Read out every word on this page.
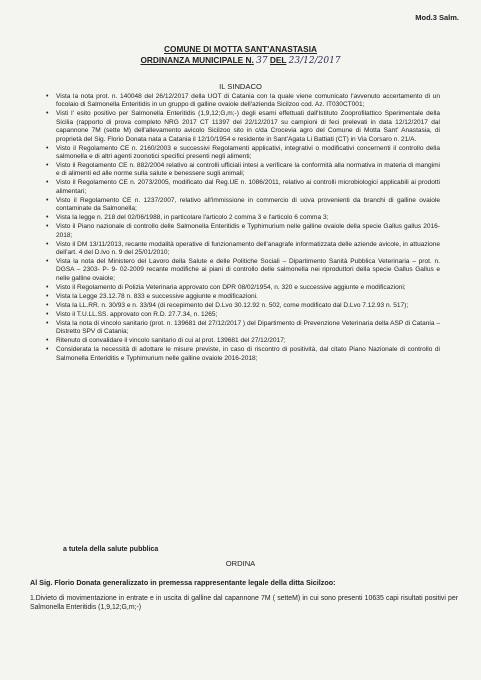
Mod.3 Salm.
COMUNE DI MOTTA SANT'ANASTASIA
ORDINANZA MUNICIPALE N. 37 DEL 23/12/2017
IL SINDACO
• Vista la nota prot. n. 140048 del 26/12/2017 della UOT di Catania con la quale viene comunicato l'avvenuto accertamento di un focolaio di Salmonella Enteritidis in un gruppo di galline ovaiole dell'azienda Sicilzoo cod. Az. IT030CT001;
• Visti l' esito positivo per Salmonella Enteritidis (1,9,12;G,m;-) degli esami effettuati dall'Istituto Zooprofilattico Sperimentale della Sicilia (rapporto di prova completo NRG 2017 CT 11397 del 22/12/2017 su campioni di feci prelevati in data 12/12/2017 dal capannone 7M (sette M) dell'allevamento avicolo Sicilzoo sito in c/da Crocevia agro del Comune di Motta Sant' Anastasia, di proprietà del Sig. Florio Donata nata a Catania il 12/10/1954 e residente in Sant'Agata Li Battiati (CT) in Via Corsaro n. 21/A.
• Visto il Regolamento CE n. 2160/2003 e successivi Regolamenti applicativi, integrativi o modificativi concernenti il controllo della salmonella e di altri agenti zoonotici specifici presenti negli alimenti;
• Visto il Regolamento CE n. 882/2004 relativo ai controlli ufficiali intesi a verificare la conformità alla normativa in materia di mangimi e di alimenti ed alle norme sulla salute e benessere sugli animali;
• Visto il Regolamento CE n. 2073/2005, modificato dal Reg.UE n. 1086/2011, relativo ai controlli microbiologici applicabili ai prodotti alimentari;
• Visto il Regolamento CE n. 1237/2007, relativo all'immissione in commercio di uova provenienti da branchi di galline ovaiole contaminate da Salmonella;
• Vista la legge n. 218 del 02/06/1988, in particolare l'articolo 2 comma 3 e l'articolo 6 comma 3;
• Visto il Piano nazionale di controllo delle Salmonella Enteritidis e Typhimurium nelle galline ovaiole della specie Gallus gallus 2016-2018;
• Visto il DM 13/11/2013, recante modalità operative di funzionamento dell'anagrafe informatizzata delle aziende avicole, in attuazione dell'art. 4 del D.lvo n. 9 del 25/01/2010;
• Vista la nota del Ministero del Lavoro della Salute e delle Politiche Sociali – Dipartimento Sanità Pubblica Veterinaria – prot. n. DGSA – 2303- P- 9- 02-2009 recante modifiche ai piani di controllo delle salmonella nei riproduttori della specie Gallus Gallus e nelle galline ovaiole;
• Visto il Regolamento di Polizia Veterinaria approvato con DPR 08/02/1954, n. 320 e successive aggiunte e modificazioni;
• Vista la Legge 23.12.78 n. 833 e successive aggiunte e modificazioni.
• Vista la LL.RR. n. 30/93 e n. 33/94 (di recepimento del D.Lvo 30.12.92 n. 502, come modificato dal D.Lvo 7.12.93 n. 517);
• Visto il T.U.LL.SS. approvato con R.D. 27.7.34, n. 1265;
• Vista la nota di vincolo sanitario (prot. n. 139681 del 27/12/2017 ) del Dipartimento di Prevenzione Veterinaria della ASP di Catania – Distretto SPV di Catania;
• Ritenuto di convalidare il vincolo sanitario di cui al prot. 139681 del 27/12/2017;
• Considerata la necessità di adottare le misure previste, in caso di riscontro di positività, dal citato Piano Nazionale di controllo di Salmonella Enteriditis e Typhimurium nelle galline ovaiole 2016-2018;
a tutela della salute pubblica
ORDINA
Al Sig. Florio Donata generalizzato in premessa rappresentante legale della ditta Sicilzoo:
1.Divieto di movimentazione in entrate e in uscita di galline dal capannone 7M ( setteM) in cui sono presenti 10635 capi risultati positivi per Salmonella Enteritidis (1,9,12;G,m;-)
